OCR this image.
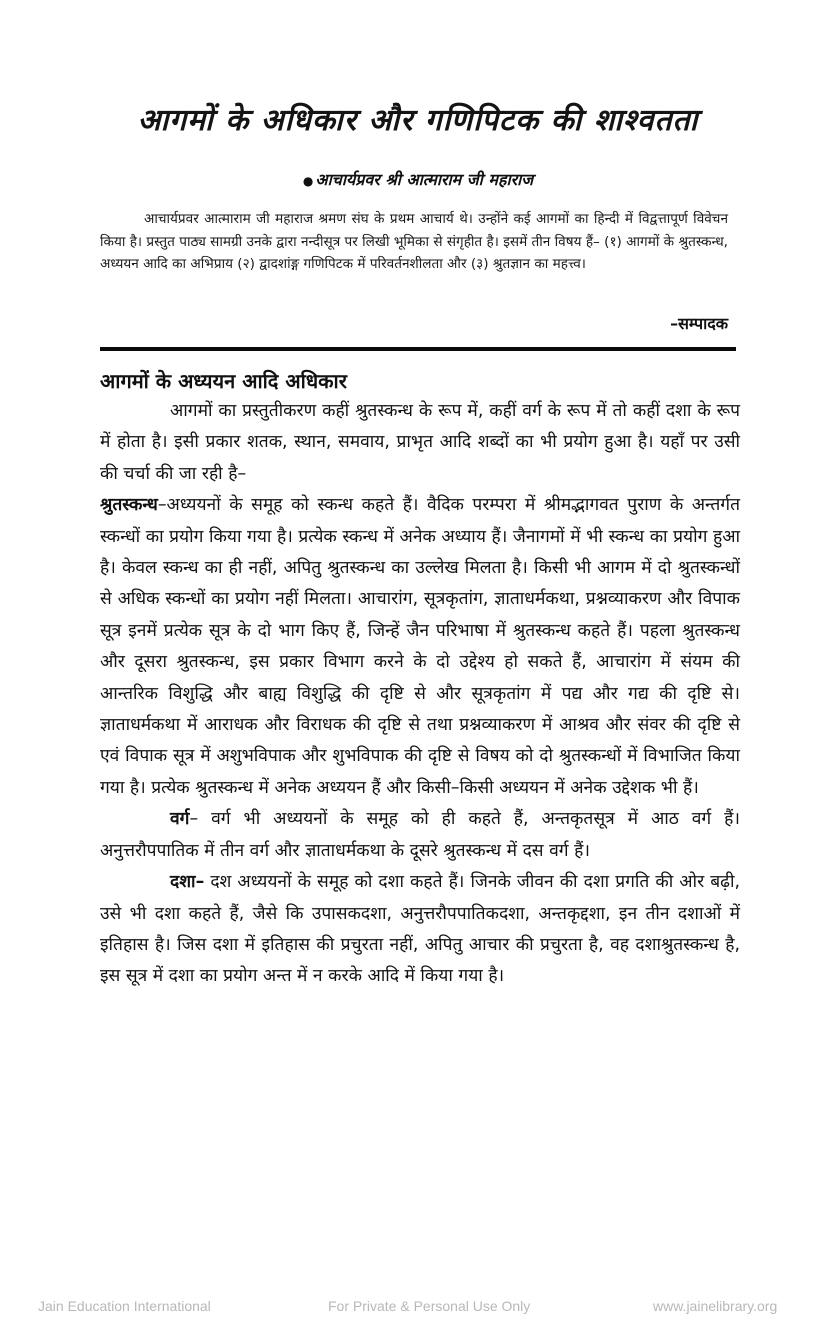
आगमों के अधिकार और गणिपिटक की शाश्वतता
● आचार्यप्रवर श्री आत्माराम जी महाराज

आचार्यप्रवर आत्माराम जी महाराज श्रमण संघ के प्रथम आचार्य थे। उन्होंने कई आगमों का हिन्दी में विद्वत्तापूर्ण विवेचन किया है। प्रस्तुत पाठ्य सामग्री उनके द्वारा नन्दीसूत्र पर लिखी भूमिका से संगृहीत है। इसमें तीन विषय हैं– (१) आगमों के श्रुतस्कन्ध, अध्ययन आदि का अभिप्राय (२) द्वादशांङ्ग गणिपिटक में परिवर्तनशीलता और (३) श्रुतज्ञान का महत्त्व।

–सम्पादक
आगमों के अध्ययन आदि अधिकार

आगमों का प्रस्तुतीकरण कहीं श्रुतस्कन्ध के रूप में, कहीं वर्ग के रूप में तो कहीं दशा के रूप में होता है। इसी प्रकार शतक, स्थान, समवाय, प्राभृत आदि शब्दों का भी प्रयोग हुआ है। यहाँ पर उसी की चर्चा की जा रही है–

श्रुतस्कन्ध–अध्ययनों के समूह को स्कन्ध कहते हैं। वैदिक परम्परा में श्रीमद्भागवत पुराण के अन्तर्गत स्कन्धों का प्रयोग किया गया है। प्रत्येक स्कन्ध में अनेक अध्याय हैं। जैनागमों में भी स्कन्ध का प्रयोग हुआ है। केवल स्कन्ध का ही नहीं, अपितु श्रुतस्कन्ध का उल्लेख मिलता है। किसी भी आगम में दो श्रुतस्कन्धों से अधिक स्कन्धों का प्रयोग नहीं मिलता। आचारांग, सूत्रकृतांग, ज्ञाताधर्मकथा, प्रश्नव्याकरण और विपाक सूत्र इनमें प्रत्येक सूत्र के दो भाग किए हैं, जिन्हें जैन परिभाषा में श्रुतस्कन्ध कहते हैं। पहला श्रुतस्कन्ध और दूसरा श्रुतस्कन्ध, इस प्रकार विभाग करने के दो उद्देश्य हो सकते हैं, आचारांग में संयम की आन्तरिक विशुद्धि और बाह्य विशुद्धि की दृष्टि से और सूत्रकृतांग में पद्य और गद्य की दृष्टि से। ज्ञाताधर्मकथा में आराधक और विराधक की दृष्टि से तथा प्रश्नव्याकरण में आश्रव और संवर की दृष्टि से एवं विपाक सूत्र में अशुभविपाक और शुभविपाक की दृष्टि से विषय को दो श्रुतस्कन्धों में विभाजित किया गया है। प्रत्येक श्रुतस्कन्ध में अनेक अध्ययन हैं और किसी–किसी अध्ययन में अनेक उद्देशक भी हैं।

वर्ग– वर्ग भी अध्ययनों के समूह को ही कहते हैं, अन्तकृतसूत्र में आठ वर्ग हैं। अनुत्तरौपपातिक में तीन वर्ग और ज्ञाताधर्मकथा के दूसरे श्रुतस्कन्ध में दस वर्ग हैं।

दशा– दश अध्ययनों के समूह को दशा कहते हैं। जिनके जीवन की दशा प्रगति की ओर बढ़ी, उसे भी दशा कहते हैं, जैसे कि उपासकदशा, अनुत्तरौपपातिकदशा, अन्तकृद्दशा, इन तीन दशाओं में इतिहास है। जिस दशा में इतिहास की प्रचुरता नहीं, अपितु आचार की प्रचुरता है, वह दशाश्रुतस्कन्ध है, इस सूत्र में दशा का प्रयोग अन्त में न करके आदि में किया गया है।

Jain Education International	For Private & Personal Use Only	www.jainelibrary.org
